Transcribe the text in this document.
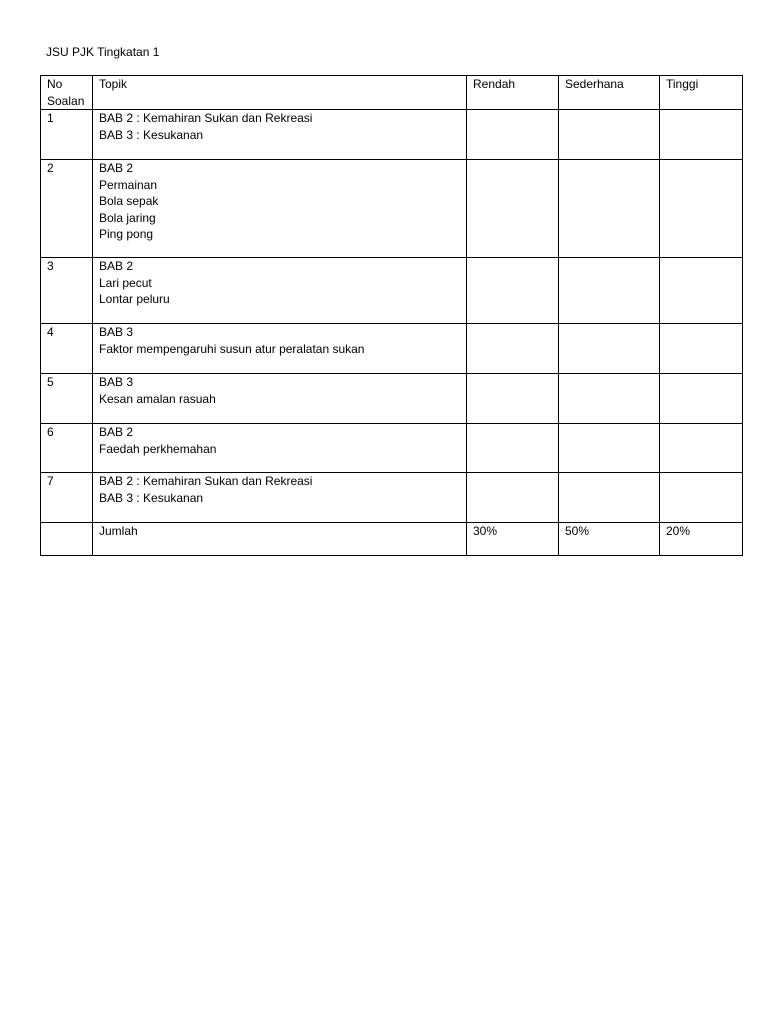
JSU PJK Tingkatan 1
No
Soalan	Topik	Rendah	Sederhana	Tinggi
1	BAB 2 : Kemahiran Sukan dan Rekreasi
BAB 3 : Kesukanan			

2	BAB 2
Permainan
Bola sepak
Bola jaring
Ping pong			

3	BAB 2
Lari pecut
Lontar peluru			

4	BAB 3
Faktor mempengaruhi susun atur peralatan sukan			

5	BAB 3
Kesan amalan rasuah			

6	BAB 2
Faedah perkhemahan			

7	BAB 2 : Kemahiran Sukan dan Rekreasi
BAB 3 : Kesukanan			

	Jumlah	30%	50%	20%
